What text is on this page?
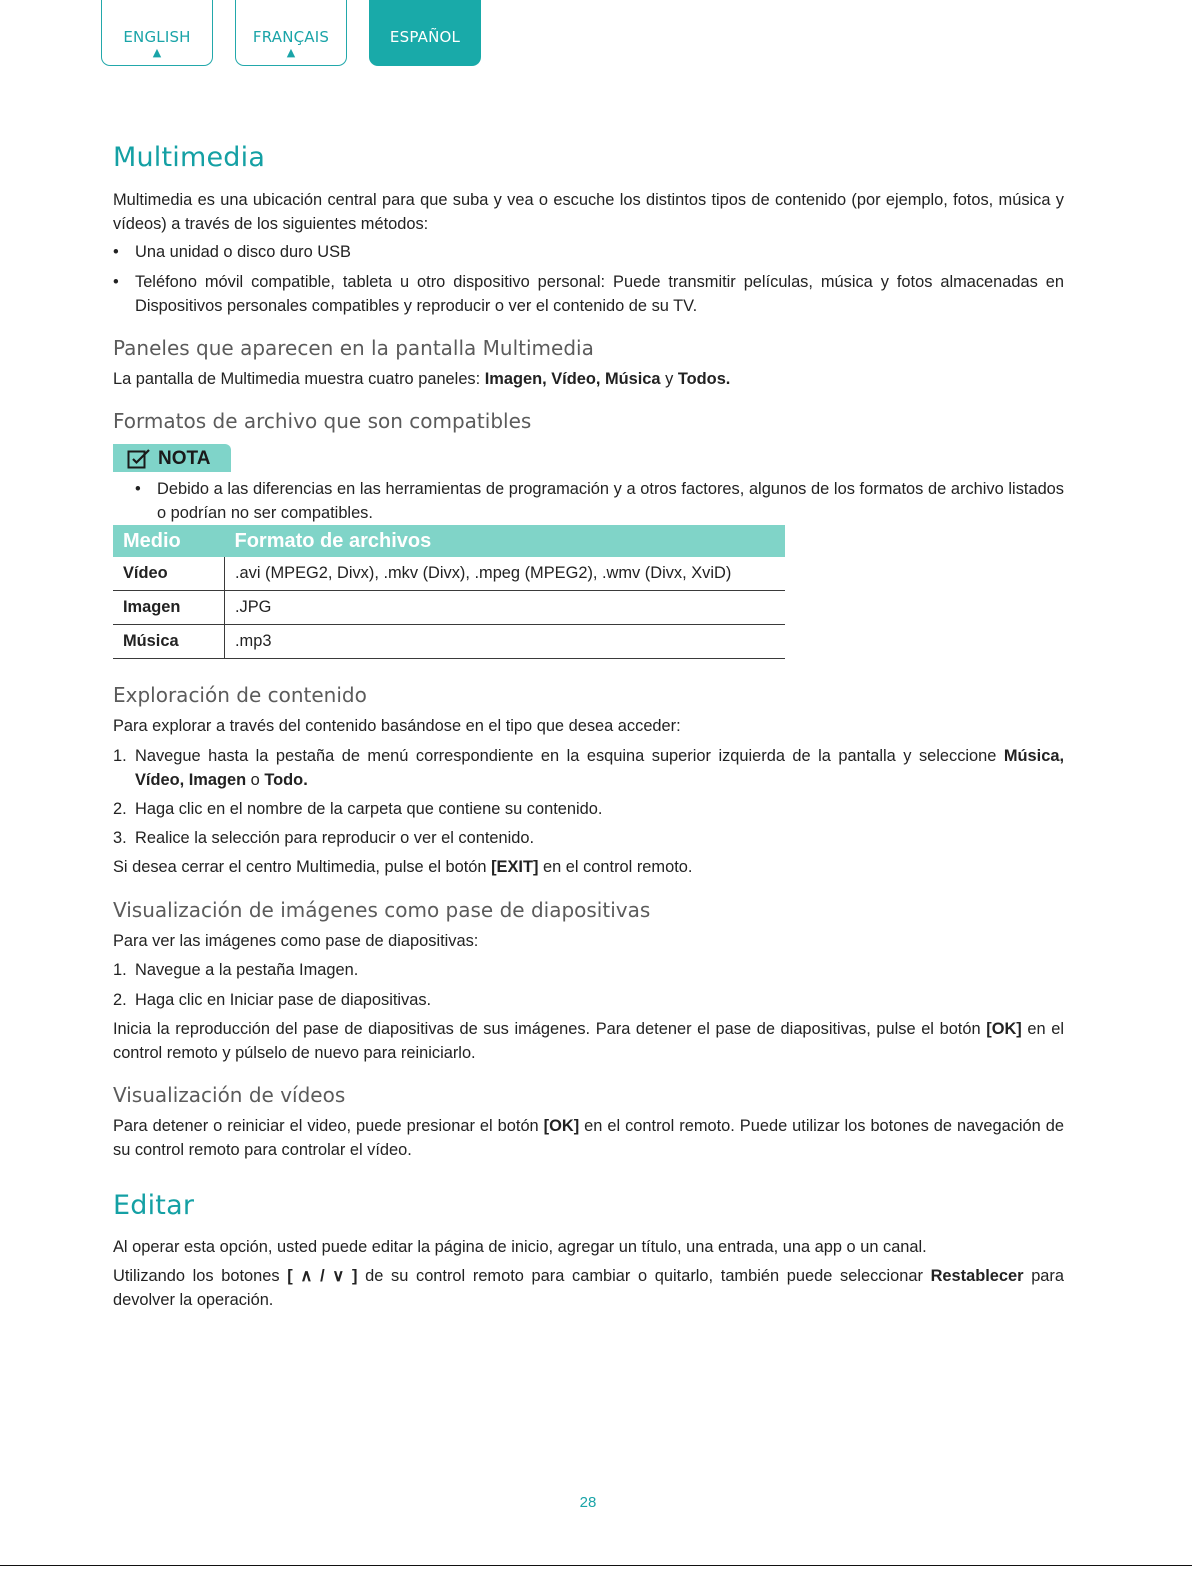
ENGLISH
▲
FRANÇAIS
▲
ESPAÑOL
Multimedia

Multimedia es una ubicación central para que suba y vea o escuche los distintos tipos de contenido (por ejemplo, fotos, música y vídeos) a través de los siguientes métodos:

• Una unidad o disco duro USB
• Teléfono móvil compatible, tableta u otro dispositivo personal: Puede transmitir películas, música y fotos almacenadas en Dispositivos personales compatibles y reproducir o ver el contenido de su TV.
Paneles que aparecen en la pantalla Multimedia

La pantalla de Multimedia muestra cuatro paneles: Imagen, Vídeo, Música y Todos.

Formatos de archivo que son compatibles
NOTA
• Debido a las diferencias en las herramientas de programación y a otros factores, algunos de los formatos de archivo listados o podrían no ser compatibles.
Medio	Formato de archivos
Vídeo	.avi (MPEG2, Divx), .mkv (Divx), .mpeg (MPEG2), .wmv (Divx, XviD)
Imagen	.JPG
Música	.mp3
Exploración de contenido

Para explorar a través del contenido basándose en el tipo que desea acceder:

1. Navegue hasta la pestaña de menú correspondiente en la esquina superior izquierda de la pantalla y seleccione Música, Vídeo, Imagen o Todo.
2. Haga clic en el nombre de la carpeta que contiene su contenido.
3. Realice la selección para reproducir o ver el contenido.

Si desea cerrar el centro Multimedia, pulse el botón [EXIT] en el control remoto.

Visualización de imágenes como pase de diapositivas

Para ver las imágenes como pase de diapositivas:

1. Navegue a la pestaña Imagen.
2. Haga clic en Iniciar pase de diapositivas.

Inicia la reproducción del pase de diapositivas de sus imágenes. Para detener el pase de diapositivas, pulse el botón [OK] en el control remoto y púlselo de nuevo para reiniciarlo.

Visualización de vídeos

Para detener o reiniciar el video, puede presionar el botón [OK] en el control remoto. Puede utilizar los botones de navegación de su control remoto para controlar el vídeo.

Editar

Al operar esta opción, usted puede editar la página de inicio, agregar un título, una entrada, una app o un canal.

Utilizando los botones [ ∧ / ∨ ] de su control remoto para cambiar o quitarlo, también puede seleccionar Restablecer para devolver la operación.

28
